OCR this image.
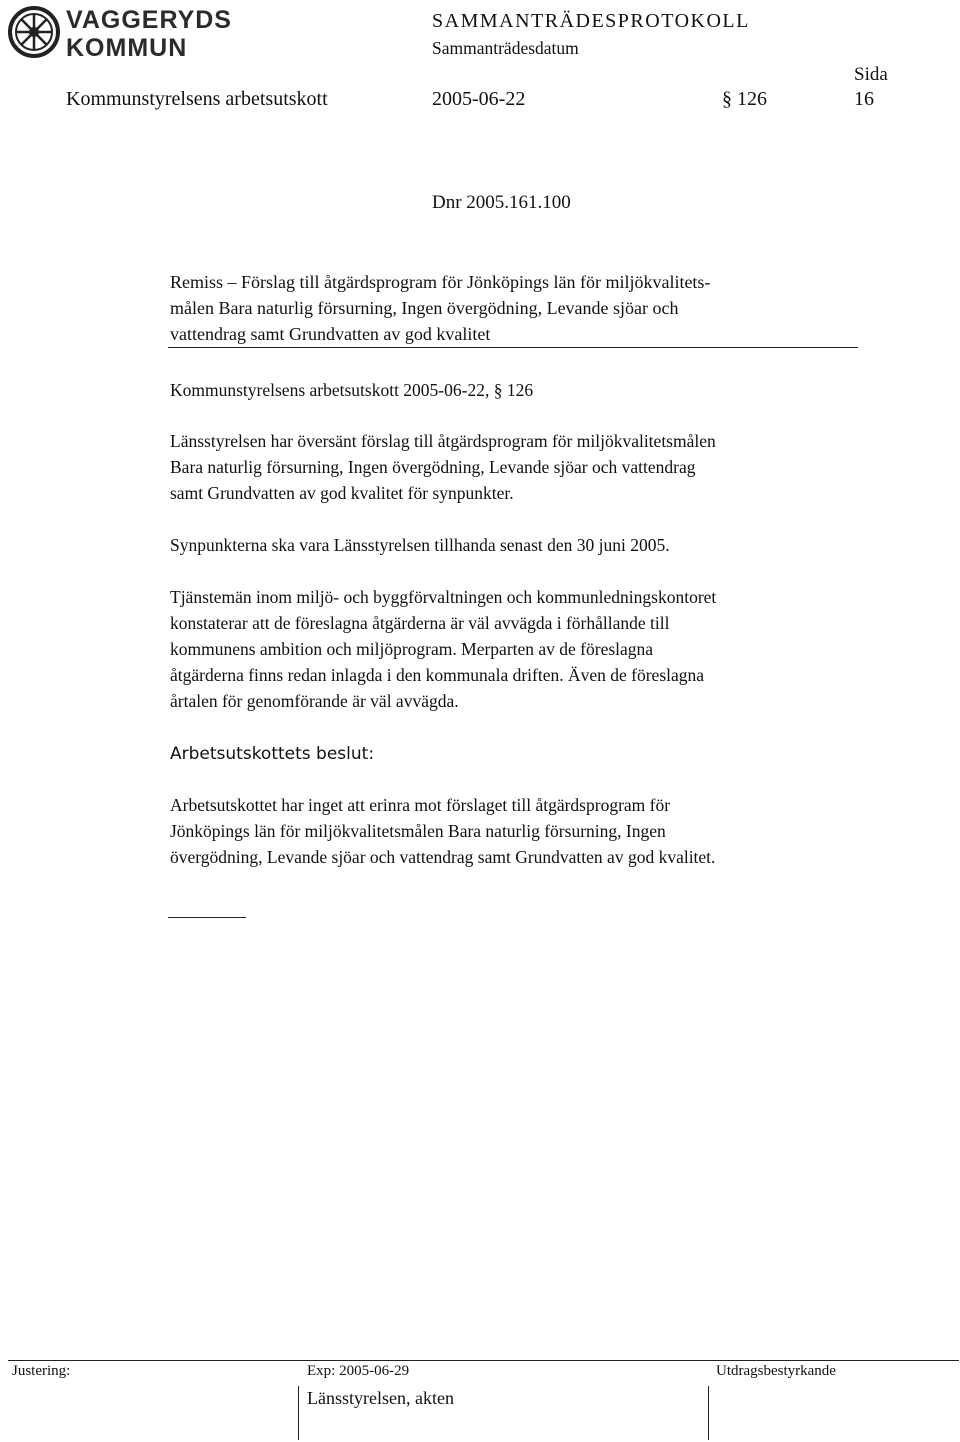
VAGGERYDS
KOMMUN
SAMMANTRÄDESPROTOKOLL
Sammanträdesdatum
Sida
Kommunstyrelsens arbetsutskott	2005-06-22	§ 126	16
Dnr 2005.161.100
Remiss – Förslag till åtgärdsprogram för Jönköpings län för miljökvalitets-
målen Bara naturlig försurning, Ingen övergödning, Levande sjöar och
vattendrag samt Grundvatten av god kvalitet
Kommunstyrelsens arbetsutskott 2005-06-22, § 126
Länsstyrelsen har översänt förslag till åtgärdsprogram för miljökvalitetsmålen
Bara naturlig försurning, Ingen övergödning, Levande sjöar och vattendrag
samt Grundvatten av god kvalitet för synpunkter.
Synpunkterna ska vara Länsstyrelsen tillhanda senast den 30 juni 2005.
Tjänstemän inom miljö- och byggförvaltningen och kommunledningskontoret
konstaterar att de föreslagna åtgärderna är väl avvägda i förhållande till
kommunens ambition och miljöprogram. Merparten av de föreslagna
åtgärderna finns redan inlagda i den kommunala driften. Även de föreslagna
årtalen för genomförande är väl avvägda.
Arbetsutskottets beslut:
Arbetsutskottet har inget att erinra mot förslaget till åtgärdsprogram för
Jönköpings län för miljökvalitetsmålen Bara naturlig försurning, Ingen
övergödning, Levande sjöar och vattendrag samt Grundvatten av god kvalitet.
Justering:	Exp: 2005-06-29	Utdragsbestyrkande
Länsstyrelsen, akten
